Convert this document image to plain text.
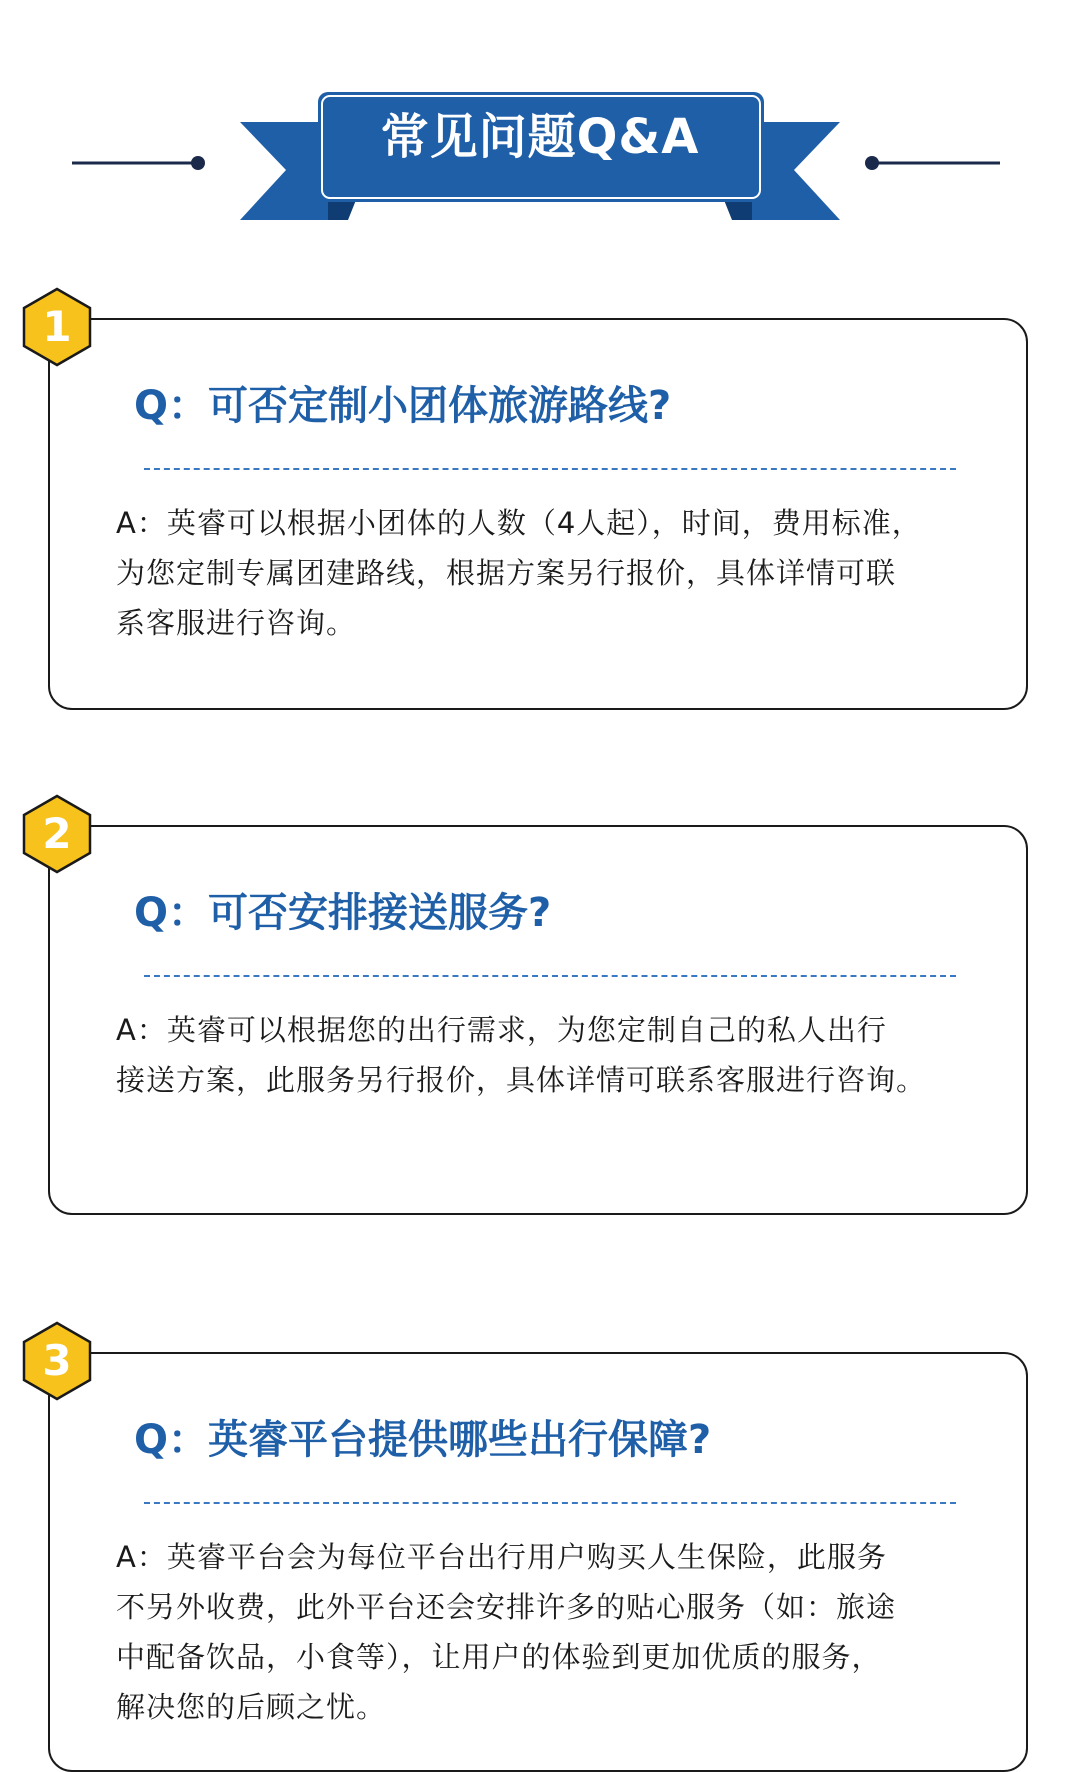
常见问题Q&A
Q：可否定制小团体旅游路线?
A：英睿可以根据小团体的人数（4人起），时间，费用标准，
为您定制专属团建路线，根据方案另行报价，具体详情可联
系客服进行咨询。
1
Q：可否安排接送服务?
A：英睿可以根据您的出行需求，为您定制自己的私人出行
接送方案，此服务另行报价，具体详情可联系客服进行咨询。
2
Q：英睿平台提供哪些出行保障?
A：英睿平台会为每位平台出行用户购买人生保险，此服务
不另外收费，此外平台还会安排许多的贴心服务（如：旅途
中配备饮品，小食等），让用户的体验到更加优质的服务，
解决您的后顾之忧。
3
